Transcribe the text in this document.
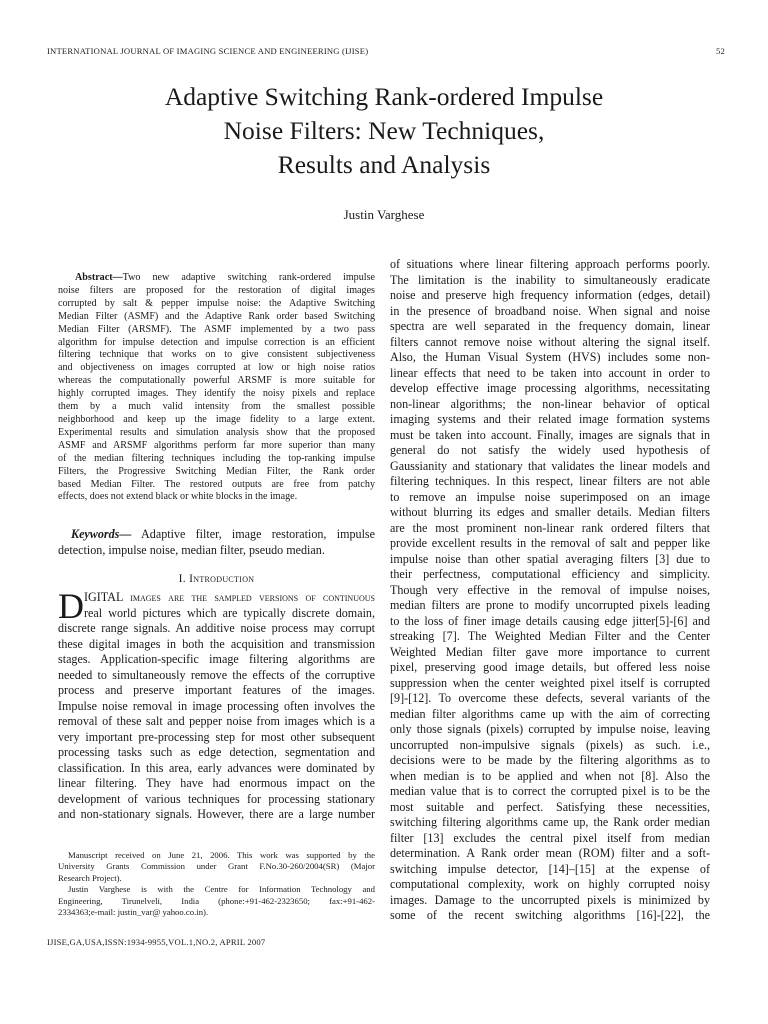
INTERNATIONAL JOURNAL OF IMAGING SCIENCE AND ENGINEERING (IJISE)	52
Adaptive Switching Rank-ordered Impulse
Noise Filters: New Techniques,
Results and Analysis
Justin Varghese
Abstract—Two new adaptive switching rank-ordered impulse
noise filters are proposed for the restoration of digital images
corrupted by salt & pepper impulse noise: the Adaptive Switching
Median Filter (ASMF) and the Adaptive Rank order based Switching
Median Filter (ARSMF). The ASMF implemented by a two pass
algorithm for impulse detection and impulse correction is an efficient
filtering technique that works on to give consistent subjectiveness
and objectiveness on images corrupted at low or high noise ratios
whereas the computationally powerful ARSMF is more suitable for
highly corrupted images. They identify the noisy pixels and replace
them by a much valid intensity from the smallest possible
neighborhood and keep up the image fidelity to a large extent.
Experimental results and simulation analysis show that the proposed
ASMF and ARSMF algorithms perform far more superior than many
of the median filtering techniques including the top-ranking impulse
Filters, the Progressive Switching Median Filter, the Rank order
based Median Filter. The restored outputs are free from patchy
effects, does not extend black or white blocks in the image.
Keywords— Adaptive filter, image restoration, impulse
detection, impulse noise, median filter, pseudo median.
I. Introduction
D IGITAL images are the sampled versions of continuous
real world pictures which are typically discrete domain,
discrete range signals. An additive noise process may corrupt
these digital images in both the acquisition and transmission
stages. Application-specific image filtering algorithms are
needed to simultaneously remove the effects of the corruptive
process and preserve important features of the images.
Impulse noise removal in image processing often involves the
removal of these salt and pepper noise from images which is a
very important pre-processing step for most other subsequent
processing tasks such as edge detection, segmentation and
classification. In this area, early advances were dominated by
linear filtering. They have had enormous impact on the
development of various techniques for processing stationary
and non-stationary signals. However, there are a large number
Manuscript received on June 21, 2006. This work was supported by the
University Grants Commission under Grant F.No.30-260/2004(SR) (Major
Research Project).
Justin Varghese is with the Centre for Information Technology and
Engineering, Tirunelveli, India (phone:+91-462-2323650; fax:+91-462-
2334363;e-mail: justin_var@ yahoo.co.in).
of situations where linear filtering approach performs poorly.
The limitation is the inability to simultaneously eradicate
noise and preserve high frequency information (edges, detail)
in the presence of broadband noise. When signal and noise
spectra are well separated in the frequency domain, linear
filters cannot remove noise without altering the signal itself.
Also, the Human Visual System (HVS) includes some non-
linear effects that need to be taken into account in order to
develop effective image processing algorithms, necessitating
non-linear algorithms; the non-linear behavior of optical
imaging systems and their related image formation systems
must be taken into account. Finally, images are signals that in
general do not satisfy the widely used hypothesis of
Gaussianity and stationary that validates the linear models and
filtering techniques. In this respect, linear filters are not able
to remove an impulse noise superimposed on an image
without blurring its edges and smaller details. Median filters
are the most prominent non-linear rank ordered filters that
provide excellent results in the removal of salt and pepper like
impulse noise than other spatial averaging filters [3] due to
their perfectness, computational efficiency and simplicity.
Though very effective in the removal of impulse noises,
median filters are prone to modify uncorrupted pixels leading
to the loss of finer image details causing edge jitter[5]-[6] and
streaking [7]. The Weighted Median Filter and the Center
Weighted Median filter gave more importance to current
pixel, preserving good image details, but offered less noise
suppression when the center weighted pixel itself is corrupted
[9]-[12]. To overcome these defects, several variants of the
median filter algorithms came up with the aim of correcting
only those signals (pixels) corrupted by impulse noise, leaving
uncorrupted non-impulsive signals (pixels) as such. i.e.,
decisions were to be made by the filtering algorithms as to
when median is to be applied and when not [8]. Also the
median value that is to correct the corrupted pixel is to be the
most suitable and perfect. Satisfying these necessities,
switching filtering algorithms came up, the Rank order median
filter [13] excludes the central pixel itself from median
determination. A Rank order mean (ROM) filter and a soft-
switching impulse detector, [14]–[15] at the expense of
computational complexity, work on highly corrupted noisy
images. Damage to the uncorrupted pixels is minimized by
some of the recent switching algorithms [16]-[22], the
IJISE,GA,USA,ISSN:1934-9955,VOL.1,NO.2, APRIL 2007
